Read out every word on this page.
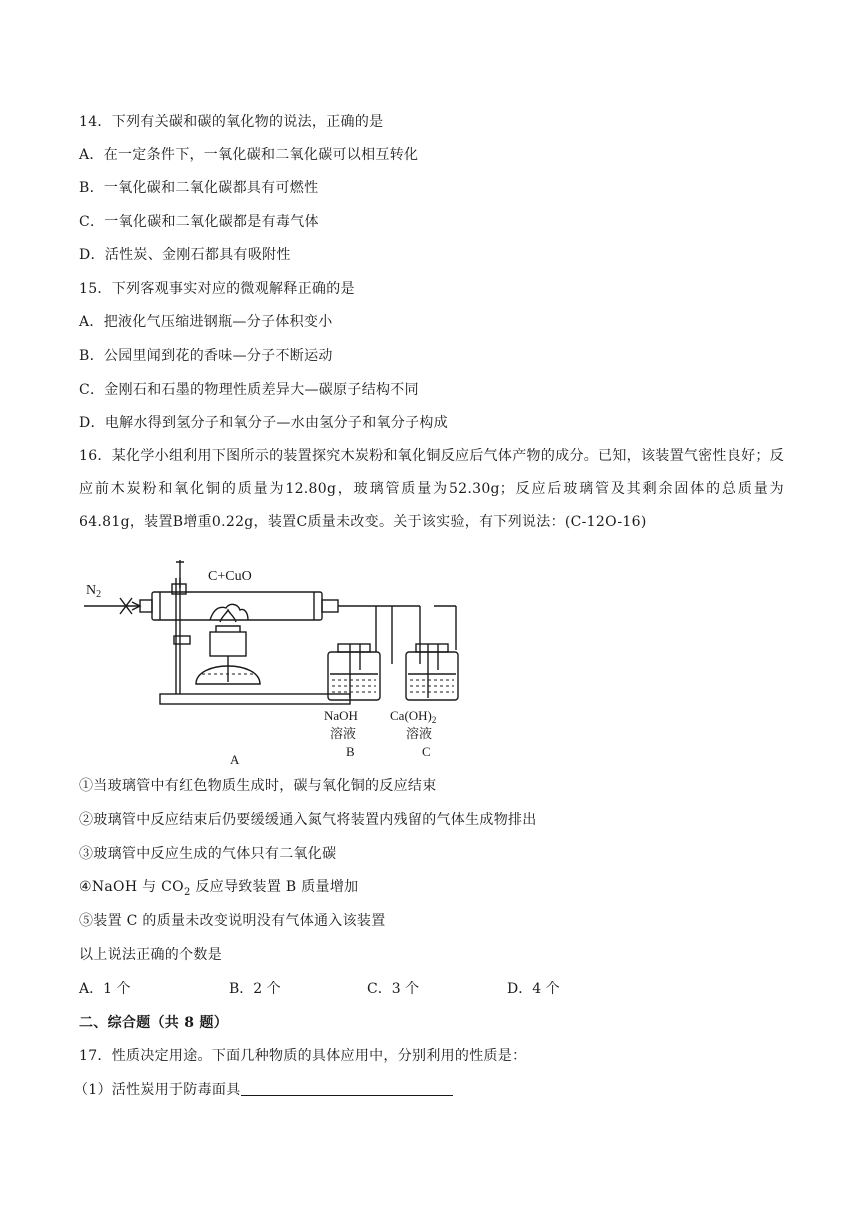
14．下列有关碳和碳的氧化物的说法，正确的是
A．在一定条件下，一氧化碳和二氧化碳可以相互转化
B．一氧化碳和二氧化碳都具有可燃性
C．一氧化碳和二氧化碳都是有毒气体
D．活性炭、金刚石都具有吸附性
15．下列客观事实对应的微观解释正确的是
A．把液化气压缩进钢瓶—分子体积变小
B．公园里闻到花的香味—分子不断运动
C．金刚石和石墨的物理性质差异大—碳原子结构不同
D．电解水得到氢分子和氧分子—水由氢分子和氧分子构成
16．某化学小组利用下图所示的装置探究木炭粉和氧化铜反应后气体产物的成分。已知，该装置气密性良好；反应前木炭粉和氧化铜的质量为12.80g，玻璃管质量为52.30g；反应后玻璃管及其剩余固体的总质量为64.81g，装置B增重0.22g，装置C质量未改变。关于该实验，有下列说法：(C-12O-16)
$N_2$
C+CuO
NaOH
溶液
B
$Ca(OH)_2$
溶液
C
A
①当玻璃管中有红色物质生成时，碳与氧化铜的反应结束
②玻璃管中反应结束后仍要缓缓通入氮气将装置内残留的气体生成物排出
③玻璃管中反应生成的气体只有二氧化碳
④NaOH 与 $CO_2$ 反应导致装置 B 质量增加
⑤装置 C 的质量未改变说明没有气体通入该装置
以上说法正确的个数是
A．1 个	B．2 个	C．3 个	D．4 个
二、综合题（共 8 题）
17．性质决定用途。下面几种物质的具体应用中，分别利用的性质是：
（1）活性炭用于防毒面具
